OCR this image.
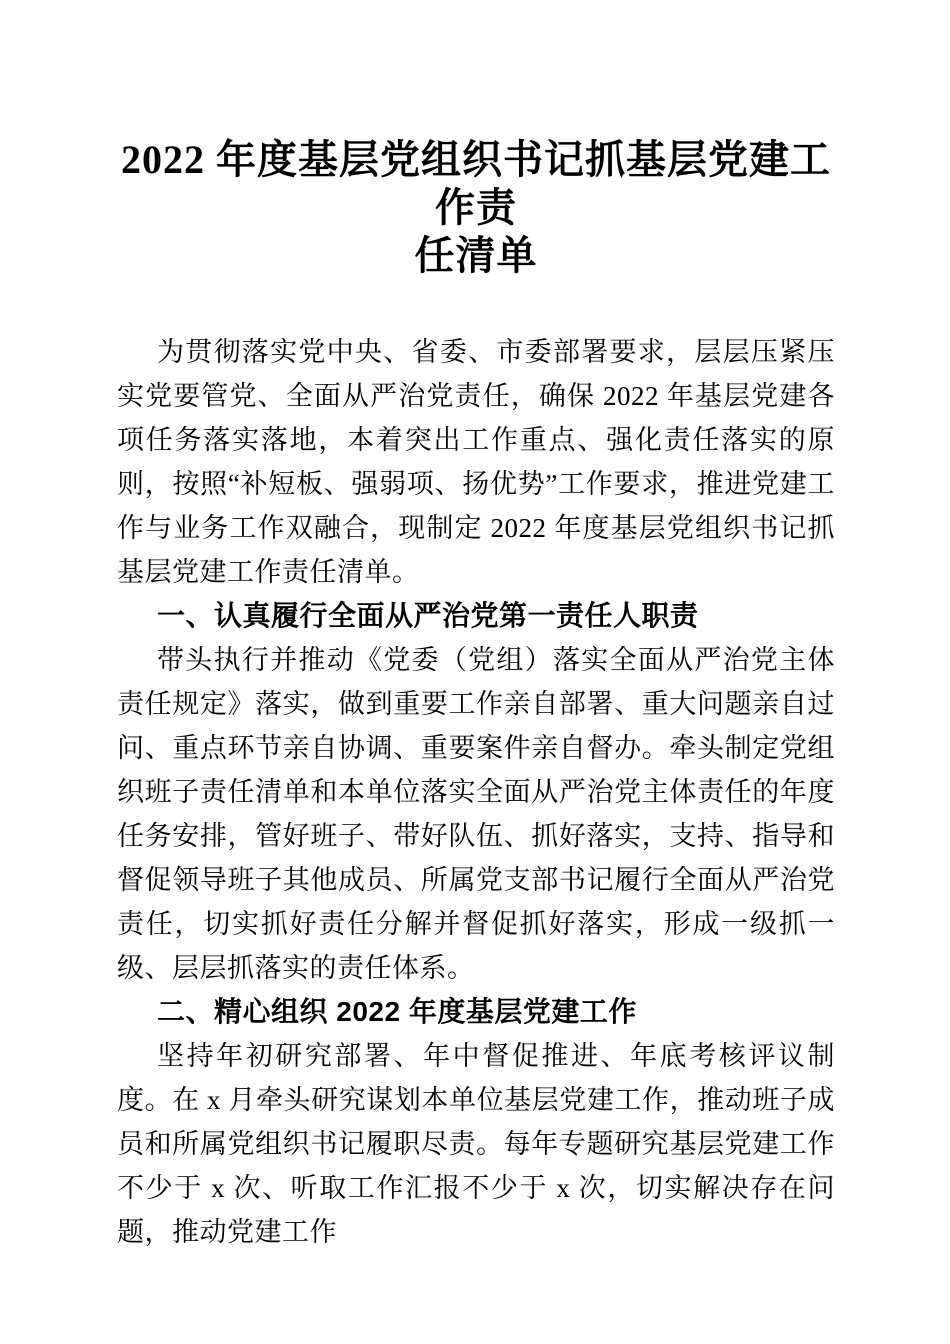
2022 年度基层党组织书记抓基层党建工作责
任清单

为贯彻落实党中央、省委、市委部署要求，层层压紧压实党要管党、全面从严治党责任，确保 2022 年基层党建各项任务落实落地，本着突出工作重点、强化责任落实的原则，按照“补短板、强弱项、扬优势”工作要求，推进党建工作与业务工作双融合，现制定 2022 年度基层党组织书记抓基层党建工作责任清单。

一、认真履行全面从严治党第一责任人职责

带头执行并推动《党委（党组）落实全面从严治党主体责任规定》落实，做到重要工作亲自部署、重大问题亲自过问、重点环节亲自协调、重要案件亲自督办。牵头制定党组织班子责任清单和本单位落实全面从严治党主体责任的年度任务安排，管好班子、带好队伍、抓好落实，支持、指导和督促领导班子其他成员、所属党支部书记履行全面从严治党责任，切实抓好责任分解并督促抓好落实，形成一级抓一级、层层抓落实的责任体系。

二、精心组织 2022 年度基层党建工作

坚持年初研究部署、年中督促推进、年底考核评议制度。在 x 月牵头研究谋划本单位基层党建工作，推动班子成员和所属党组织书记履职尽责。每年专题研究基层党建工作不少于 x 次、听取工作汇报不少于 x 次，切实解决存在问题，推动党建工作
